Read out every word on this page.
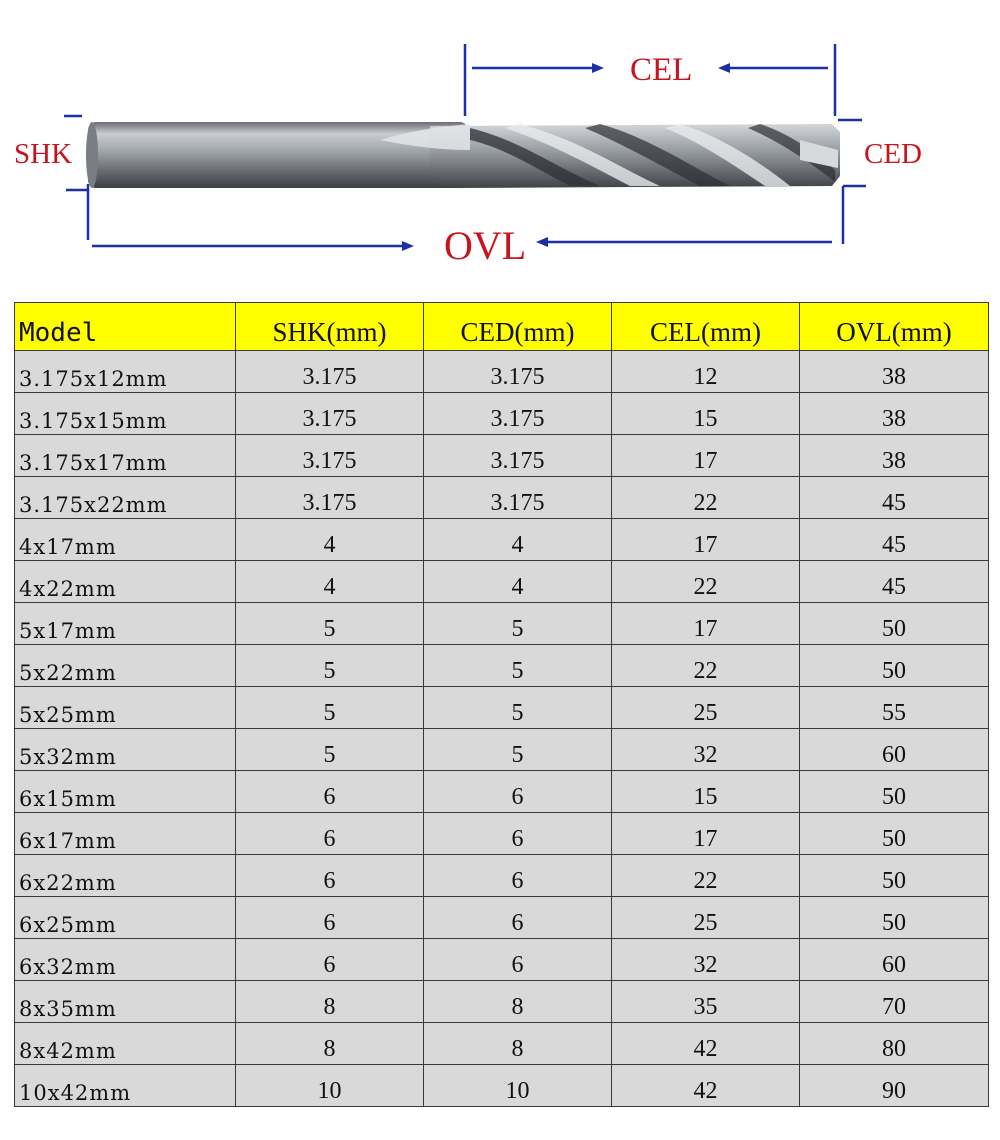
CEL
SHK	CED
OVL
Model	SHK(mm)	CED(mm)	CEL(mm)	OVL(mm)
3.175x12mm	3.175	3.175	12	38
3.175x15mm	3.175	3.175	15	38
3.175x17mm	3.175	3.175	17	38
3.175x22mm	3.175	3.175	22	45
4x17mm	4	4	17	45
4x22mm	4	4	22	45
5x17mm	5	5	17	50
5x22mm	5	5	22	50
5x25mm	5	5	25	55
5x32mm	5	5	32	60
6x15mm	6	6	15	50
6x17mm	6	6	17	50
6x22mm	6	6	22	50
6x25mm	6	6	25	50
6x32mm	6	6	32	60
8x35mm	8	8	35	70
8x42mm	8	8	42	80
10x42mm	10	10	42	90
